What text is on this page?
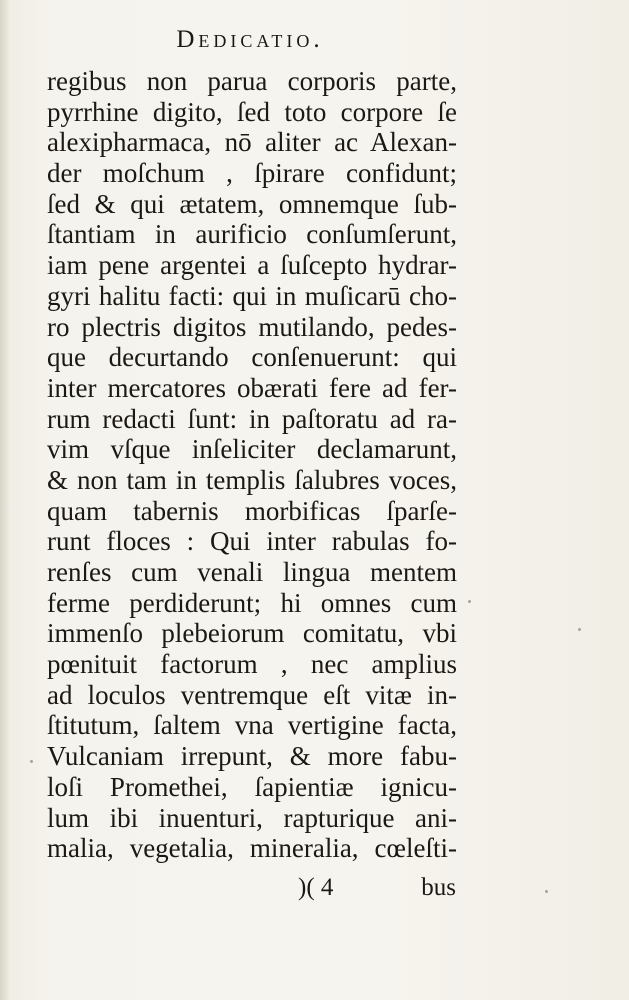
Dedicatio.
regibus non parua corporis parte,
pyrrhine digito, ſed toto corpore ſe
alexipharmaca, nō aliter ac Alexan-
der moſchum , ſpirare confidunt;
ſed & qui ætatem, omnemque ſub-
ſtantiam in aurificio conſumſerunt,
iam pene argentei a ſuſcepto hydrar-
gyri halitu facti: qui in muſicarū cho-
ro plectris digitos mutilando, pedes-
que decurtando conſenuerunt: qui
inter mercatores obærati fere ad fer-
rum redacti ſunt: in paſtoratu ad ra-
vim vſque inſeliciter declamarunt,
& non tam in templis ſalubres voces,
quam tabernis morbificas ſparſe-
runt floces : Qui inter rabulas fo-
renſes cum venali lingua mentem
ferme perdiderunt; hi omnes cum
immenſo plebeiorum comitatu, vbi
pœnituit factorum , nec amplius
ad loculos ventremque eſt vitæ in-
ſtitutum, ſaltem vna vertigine facta,
Vulcaniam irrepunt, & more fabu-
loſi Promethei, ſapientiæ ignicu-
lum ibi inuenturi, rapturique ani-
malia, vegetalia, mineralia, cœleſti-
)( 4	bus
